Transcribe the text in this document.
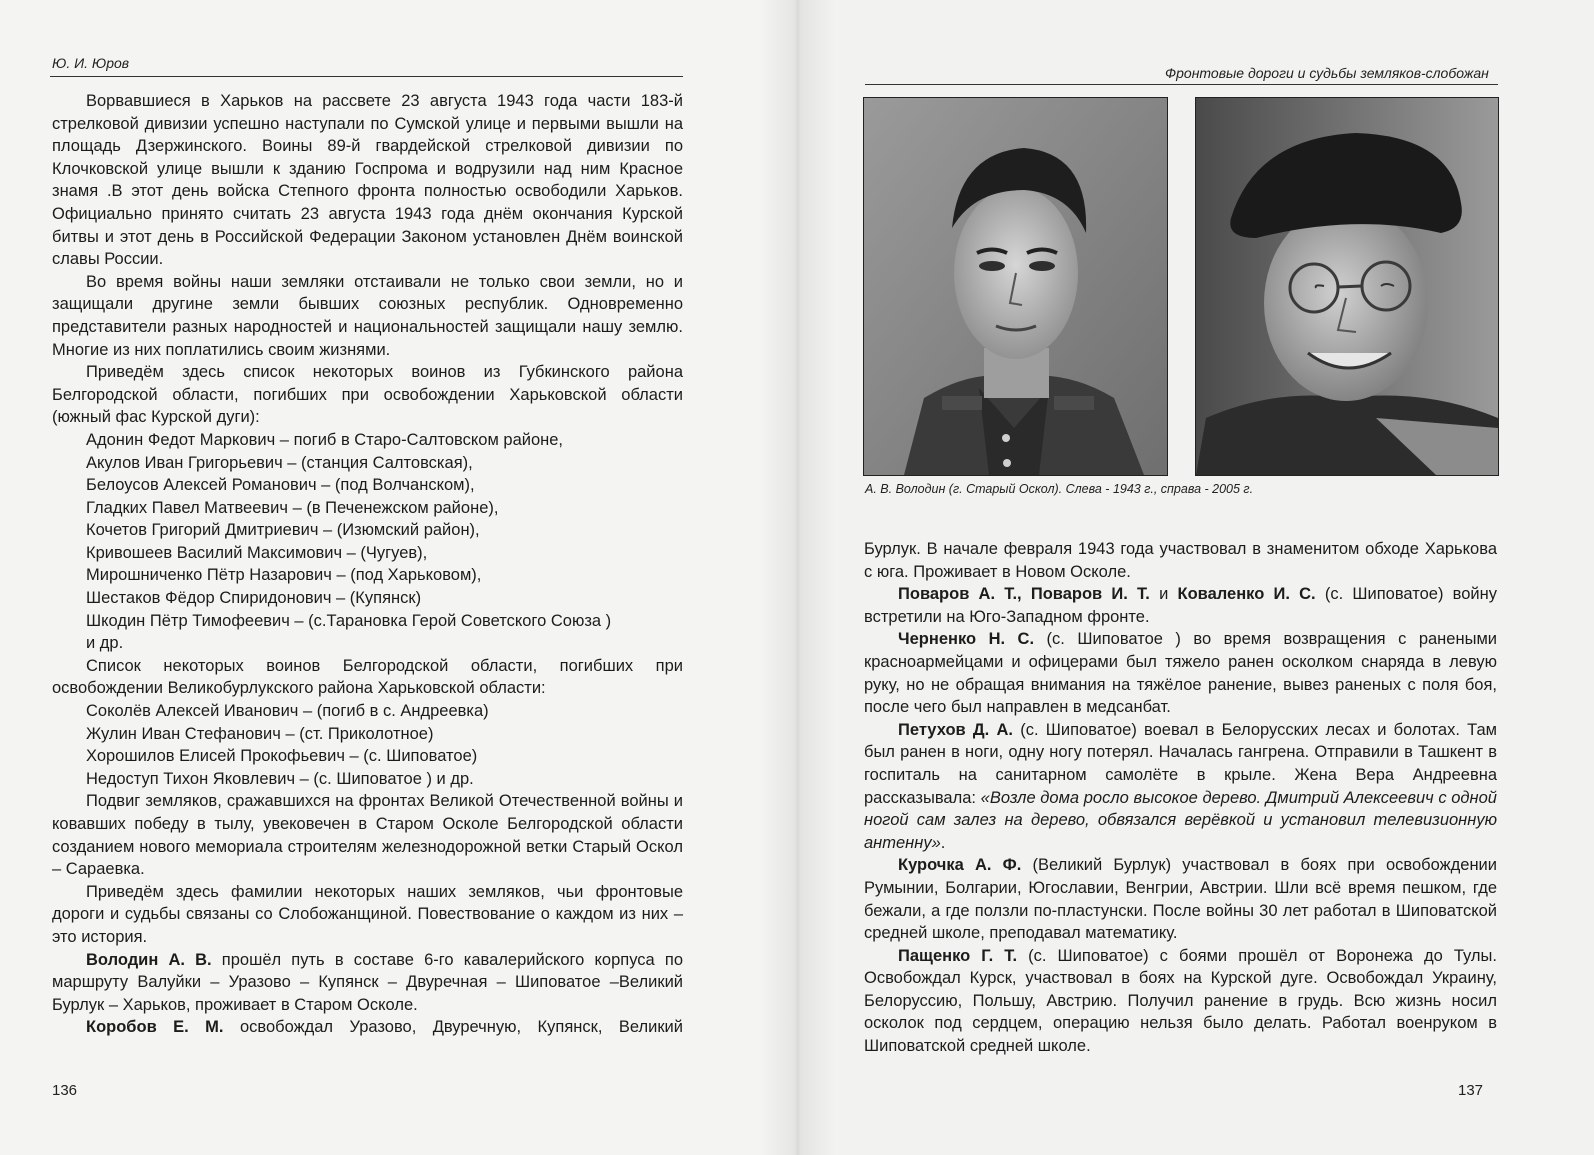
Ю. И. Юров

Ворвавшиеся в Харьков на рассвете 23 августа 1943 года части 183-й стрелковой дивизии успешно наступали по Сумской улице и первыми вышли на площадь Дзержинского. Воины 89-й гвардейской стрелковой дивизии по Клочковской улице вышли к зданию Госпрома и водрузили над ним Красное знамя .В этот день войска Степного фронта полностью освободили Харьков. Официально принято считать 23 августа 1943 года днём окончания Курской битвы и этот день в Российской Федерации Законом установлен Днём воинской славы России.

Во время войны наши земляки отстаивали не только свои земли, но и защищали другине земли бывших союзных республик. Одновременно представители разных народностей и национальностей защищали нашу землю. Многие из них поплатились своим жизнями.

Приведём здесь список некоторых воинов из Губкинского района Белгородской области, погибших при освобождении Харьковской области (южный фас Курской дуги):

Адонин Федот Маркович – погиб в Старо-Салтовском районе,
Акулов Иван Григорьевич – (станция Салтовская),
Белоусов Алексей Романович – (под Волчанском),
Гладких Павел Матвеевич – (в Печенежском районе),
Кочетов Григорий Дмитриевич – (Изюмский район),
Кривошеев Василий Максимович – (Чугуев),
Мирошниченко Пётр Назарович – (под Харьковом),
Шестаков Фёдор Спиридонович – (Купянск)
Шкодин Пётр Тимофеевич – (с.Тарановка Герой Советского Союза )
и др.

Список некоторых воинов Белгородской области, погибших при освобождении Великобурлукского района Харьковской области:

Соколёв Алексей Иванович – (погиб в с. Андреевка)
Жулин Иван Стефанович – (ст. Приколотное)
Хорошилов Елисей Прокофьевич – (с. Шиповатое)
Недоступ Тихон Яковлевич – (с. Шиповатое ) и др.

Подвиг земляков, сражавшихся на фронтах Великой Отечественной войны и ковавших победу в тылу, увековечен в Старом Осколе Белгородской области созданием нового мемориала строителям железнодорожной ветки Старый Оскол – Сараевка.

Приведём здесь фамилии некоторых наших земляков, чьи фронтовые дороги и судьбы связаны со Слобожанщиной. Повествование о каждом из них –это история.

Володин А. В. прошёл путь в составе 6-го кавалерийского корпуса по маршруту Валуйки – Уразово – Купянск – Двуречная – Шиповатое –Великий Бурлук – Харьков, проживает в Старом Осколе.

Коробов Е. М. освобождал Уразово, Двуречную, Купянск, Великий

136
Фронтовые дороги и судьбы земляков-слобожан
А. В. Володин (г. Старый Оскол). Слева - 1943 г., справа - 2005 г.

Бурлук. В начале февраля 1943 года участвовал в знаменитом обходе Харькова с юга. Проживает в Новом Осколе.

Поваров А. Т., Поваров И. Т. и Коваленко И. С. (с. Шиповатое) войну встретили на Юго-Западном фронте.

Черненко Н. С. (с. Шиповатое ) во время возвращения с ранеными красноармейцами и офицерами был тяжело ранен осколком снаряда в левую руку, но не обращая внимания на тяжёлое ранение, вывез раненых с поля боя, после чего был направлен в медсанбат.

Петухов Д. А. (с. Шиповатое) воевал в Белорусских лесах и болотах. Там был ранен в ноги, одну ногу потерял. Началась гангрена. Отправили в Ташкент в госпиталь на санитарном самолёте в крыле. Жена Вера Андреевна рассказывала: «Возле дома росло высокое дерево. Дмитрий Алексеевич с одной ногой сам залез на дерево, обвязался верёвкой и установил телевизионную антенну».

Курочка А. Ф. (Великий Бурлук) участвовал в боях при освобождении Румынии, Болгарии, Югославии, Венгрии, Австрии. Шли всё время пешком, где бежали, а где ползли по-пластунски. После войны 30 лет работал в Шиповатской средней школе, преподавал математику.

Пащенко Г. Т. (с. Шиповатое) с боями прошёл от Воронежа до Тулы. Освобождал Курск, участвовал в боях на Курской дуге. Освобождал Украину, Белоруссию, Польшу, Австрию. Получил ранение в грудь. Всю жизнь носил осколок под сердцем, операцию нельзя было делать. Работал военруком в Шиповатской средней школе.

137
